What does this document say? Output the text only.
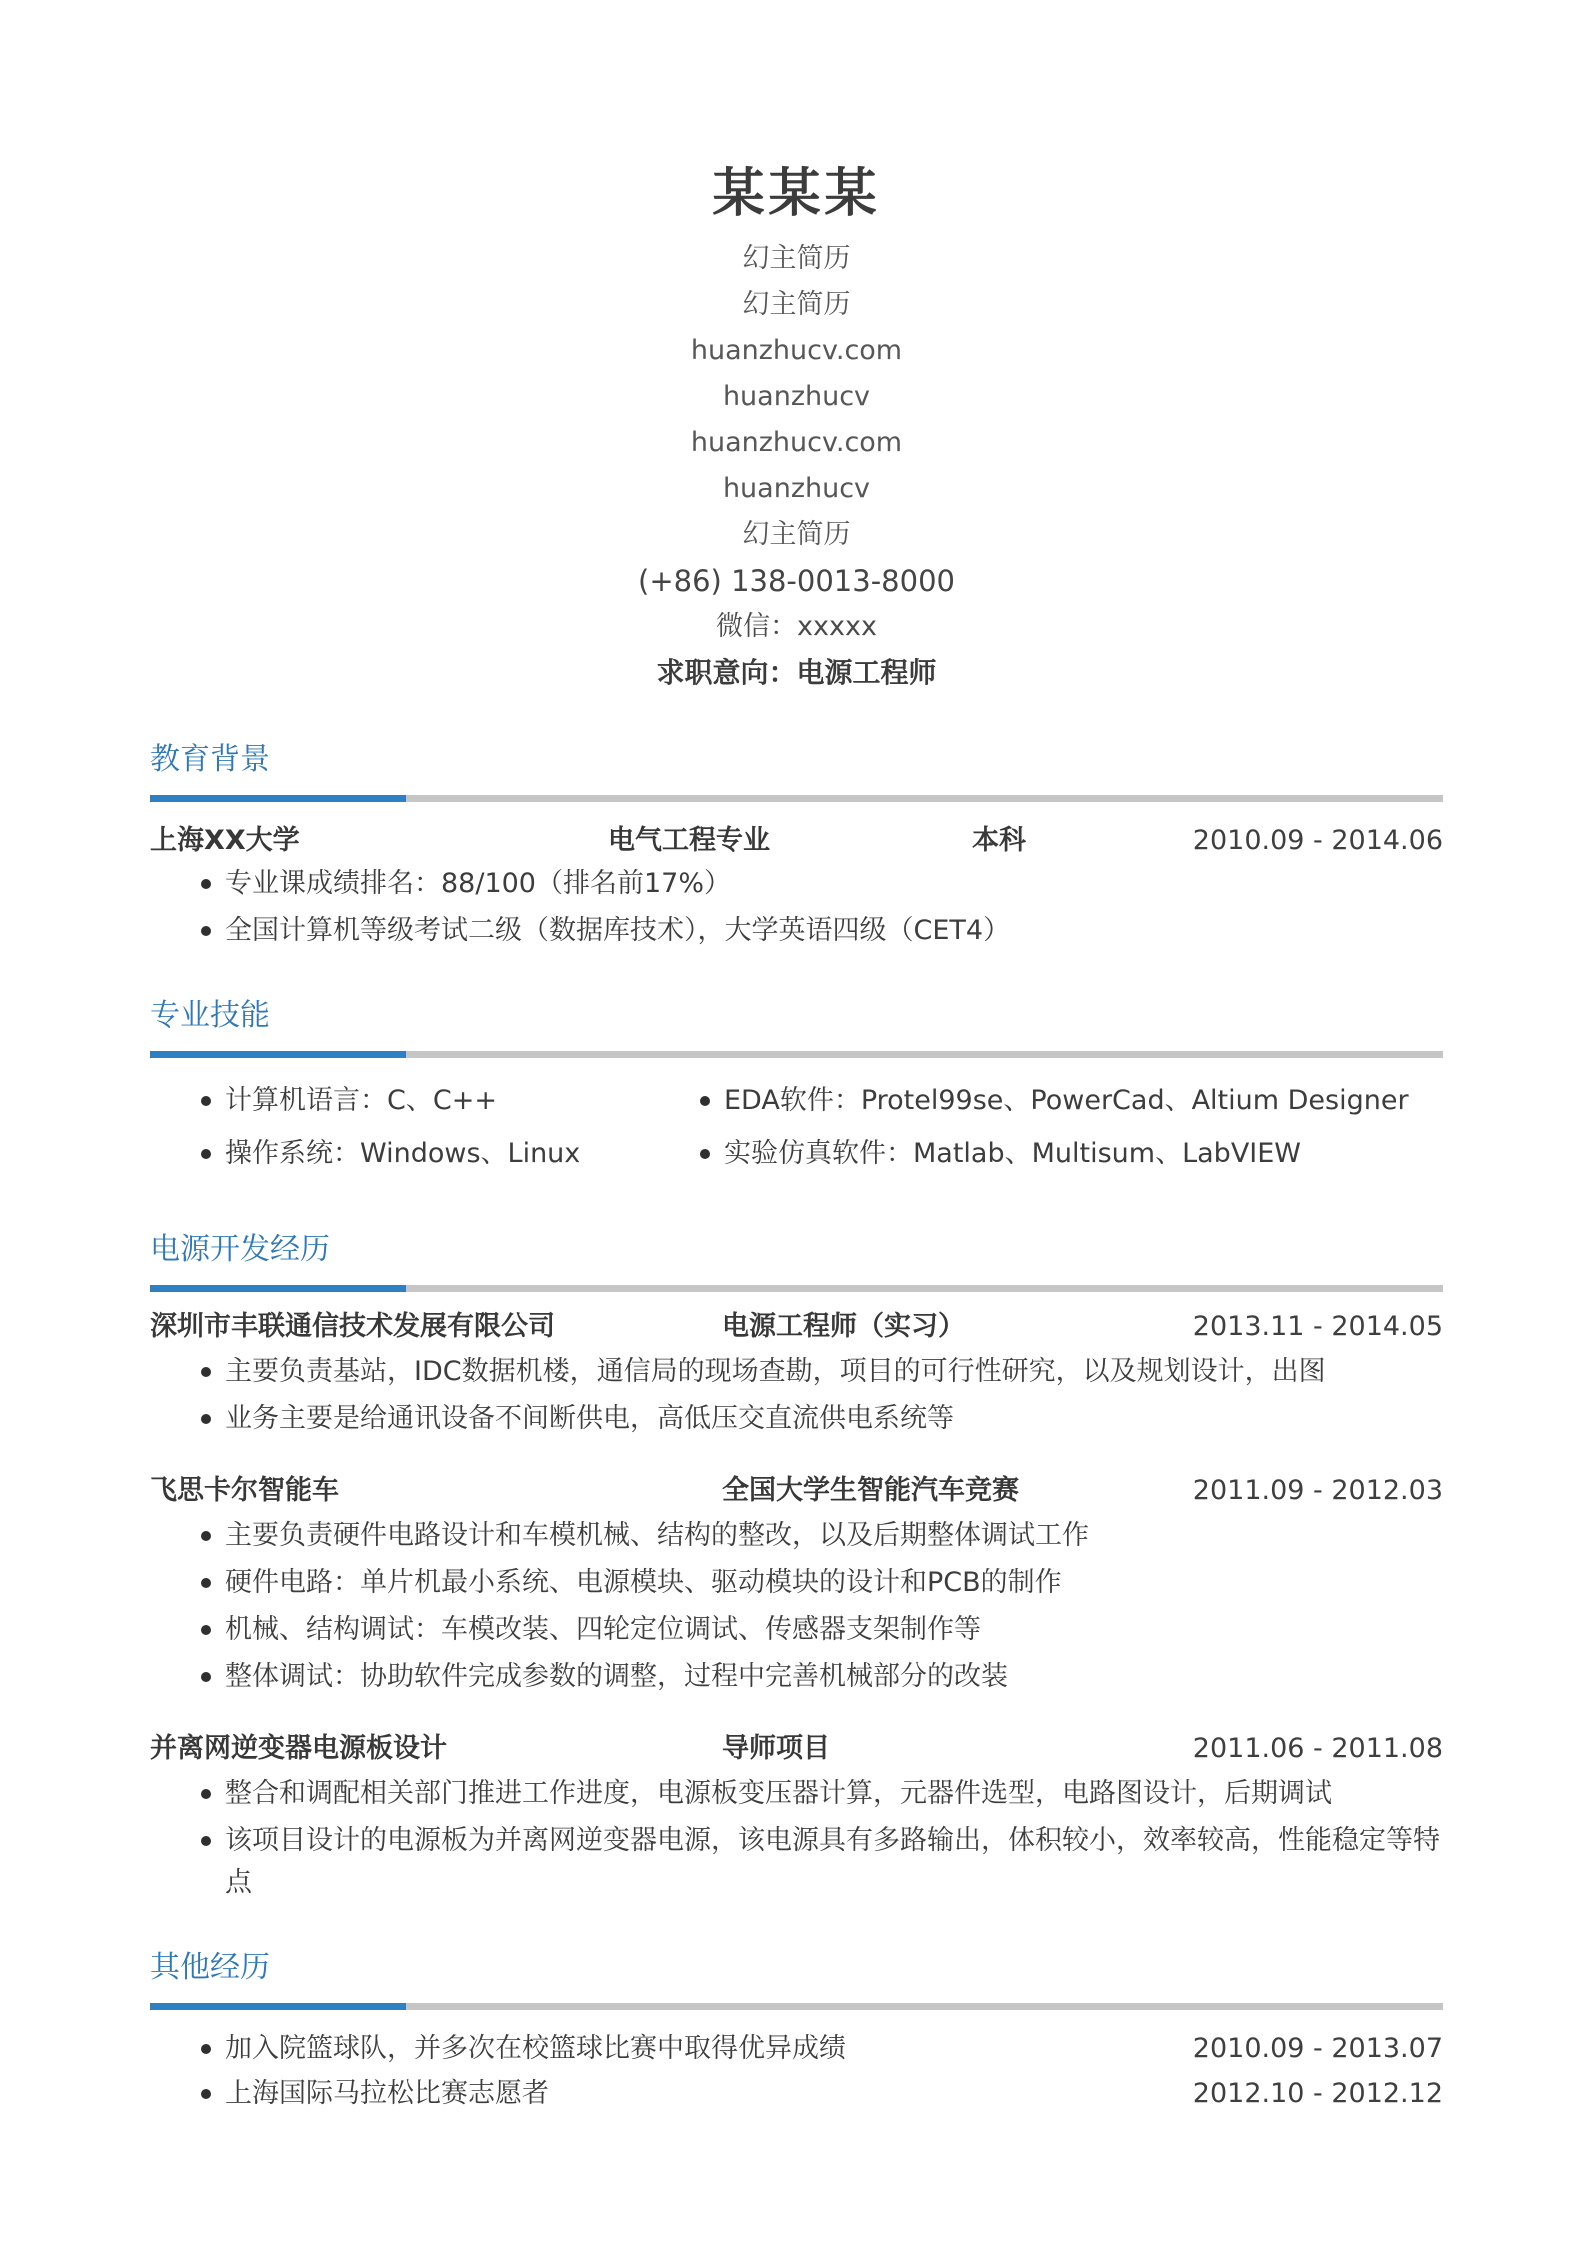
某某某
幻主简历
幻主简历
huanzhucv.com
huanzhucv
huanzhucv.com
huanzhucv
幻主简历
(+86) 138-0013-8000
微信：xxxxx
求职意向：电源工程师
教育背景
上海XX大学	电气工程专业	本科	2010.09 - 2014.06
专业课成绩排名：88/100（排名前17%）
全国计算机等级考试二级（数据库技术），大学英语四级（CET4）
专业技能
计算机语言：C、C++
操作系统：Windows、Linux
EDA软件：Protel99se、PowerCad、Altium Designer
实验仿真软件：Matlab、Multisum、LabVIEW
电源开发经历
深圳市丰联通信技术发展有限公司	电源工程师（实习）	2013.11 - 2014.05
主要负责基站，IDC数据机楼，通信局的现场查勘，项目的可行性研究，以及规划设计，出图
业务主要是给通讯设备不间断供电，高低压交直流供电系统等
飞思卡尔智能车	全国大学生智能汽车竞赛	2011.09 - 2012.03
主要负责硬件电路设计和车模机械、结构的整改，以及后期整体调试工作
硬件电路：单片机最小系统、电源模块、驱动模块的设计和PCB的制作
机械、结构调试：车模改装、四轮定位调试、传感器支架制作等
整体调试：协助软件完成参数的调整，过程中完善机械部分的改装
并离网逆变器电源板设计	导师项目	2011.06 - 2011.08
整合和调配相关部门推进工作进度，电源板变压器计算，元器件选型，电路图设计，后期调试
该项目设计的电源板为并离网逆变器电源，该电源具有多路输出，体积较小，效率较高，性能稳定等特点
其他经历
加入院篮球队，并多次在校篮球比赛中取得优异成绩	2010.09 - 2013.07
上海国际马拉松比赛志愿者	2012.10 - 2012.12
